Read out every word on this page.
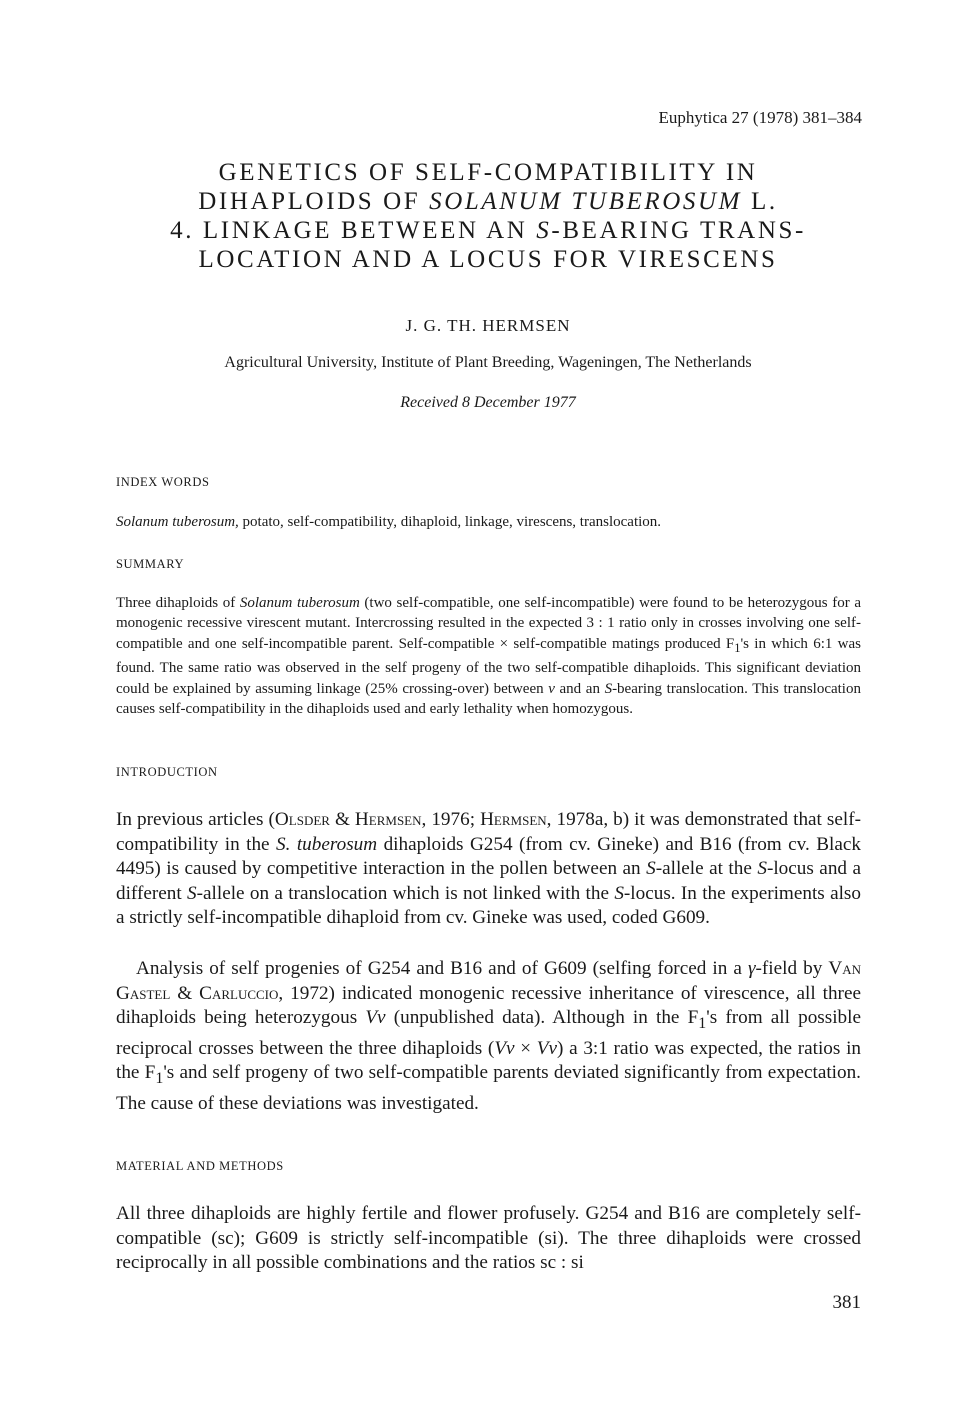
Euphytica 27 (1978) 381–384
GENETICS OF SELF-COMPATIBILITY IN
DIHAPLOIDS OF SOLANUM TUBEROSUM L.
4. LINKAGE BETWEEN AN S-BEARING TRANS-
LOCATION AND A LOCUS FOR VIRESCENS
J. G. TH. HERMSEN
Agricultural University, Institute of Plant Breeding, Wageningen, The Netherlands
Received 8 December 1977
INDEX WORDS
Solanum tuberosum, potato, self-compatibility, dihaploid, linkage, virescens, translocation.
SUMMARY
Three dihaploids of Solanum tuberosum (two self-compatible, one self-incompatible) were found to be heterozygous for a monogenic recessive virescent mutant. Intercrossing resulted in the expected 3 : 1 ratio only in crosses involving one self-compatible and one self-incompatible parent. Self-compatible × self-compatible matings produced $F_1's$ in which 6:1 was found. The same ratio was observed in the self progeny of the two self-compatible dihaploids. This significant deviation could be explained by assuming linkage (25% crossing-over) between v and an S-bearing translocation. This translocation causes self-compatibility in the dihaploids used and early lethality when homozygous.
INTRODUCTION
In previous articles (Olsder & Hermsen, 1976; Hermsen, 1978a, b) it was demonstrated that self-compatibility in the S. tuberosum dihaploids G254 (from cv. Gineke) and B16 (from cv. Black 4495) is caused by competitive interaction in the pollen between an S-allele at the S-locus and a different S-allele on a translocation which is not linked with the S-locus. In the experiments also a strictly self-incompatible dihaploid from cv. Gineke was used, coded G609.
Analysis of self progenies of G254 and B16 and of G609 (selfing forced in a γ-field by Van Gastel & Carluccio, 1972) indicated monogenic recessive inheritance of virescence, all three dihaploids being heterozygous Vv (unpublished data). Although in the $F_1's$ from all possible reciprocal crosses between the three dihaploids (Vv × Vv) a 3:1 ratio was expected, the ratios in the $F_1's$ and self progeny of two self-compatible parents deviated significantly from expectation. The cause of these deviations was investigated.
MATERIAL AND METHODS
All three dihaploids are highly fertile and flower profusely. G254 and B16 are completely self-compatible (sc); G609 is strictly self-incompatible (si). The three dihaploids were crossed reciprocally in all possible combinations and the ratios sc : si
381
